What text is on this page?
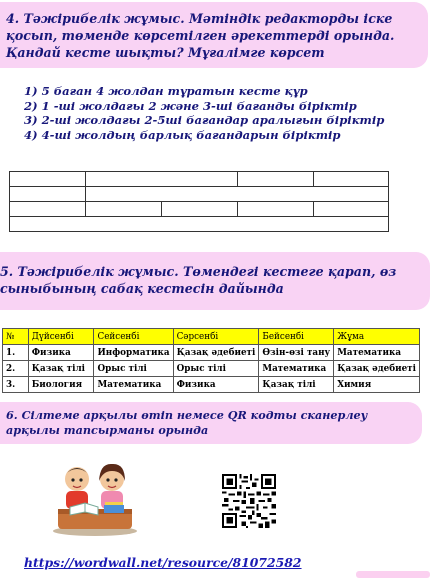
4. Тәжірибелік жұмыс. Мәтіндік редакторды іске қосып, төменде көрсетілген әрекеттерді орында. Қандай кесте шықты? Мұғалімге көрсет
1) 5 баған 4 жолдан тұратын кесте құр
2) 1 -ші жолдағы 2 және 3-ші бағанды біріктір
3) 2-ші жолдағы 2-5ші бағандар аралығын біріктір
4) 4-ші жолдың барлық бағандарын біріктір

5. Тәжірибелік жұмыс. Төмендегі кестеге қарап, өз сыныбының сабақ кестесін дайында
№	Дүйсенбі	Сейсенбі	Сәрсенбі	Бейсенбі	Жұма
1.	Физика	Информатика	Қазақ әдебиеті	Өзін-өзі тану	Математика
2.	Қазақ тілі	Орыс тілі	Орыс тілі	Математика	Қазақ әдебиеті
3.	Биология	Математика	Физика	Қазақ тілі	Химия
6. Сілтеме арқылы өтіп немесе QR кодты сканерлеу арқылы тапсырманы орында
https://wordwall.net/resource/81072582
